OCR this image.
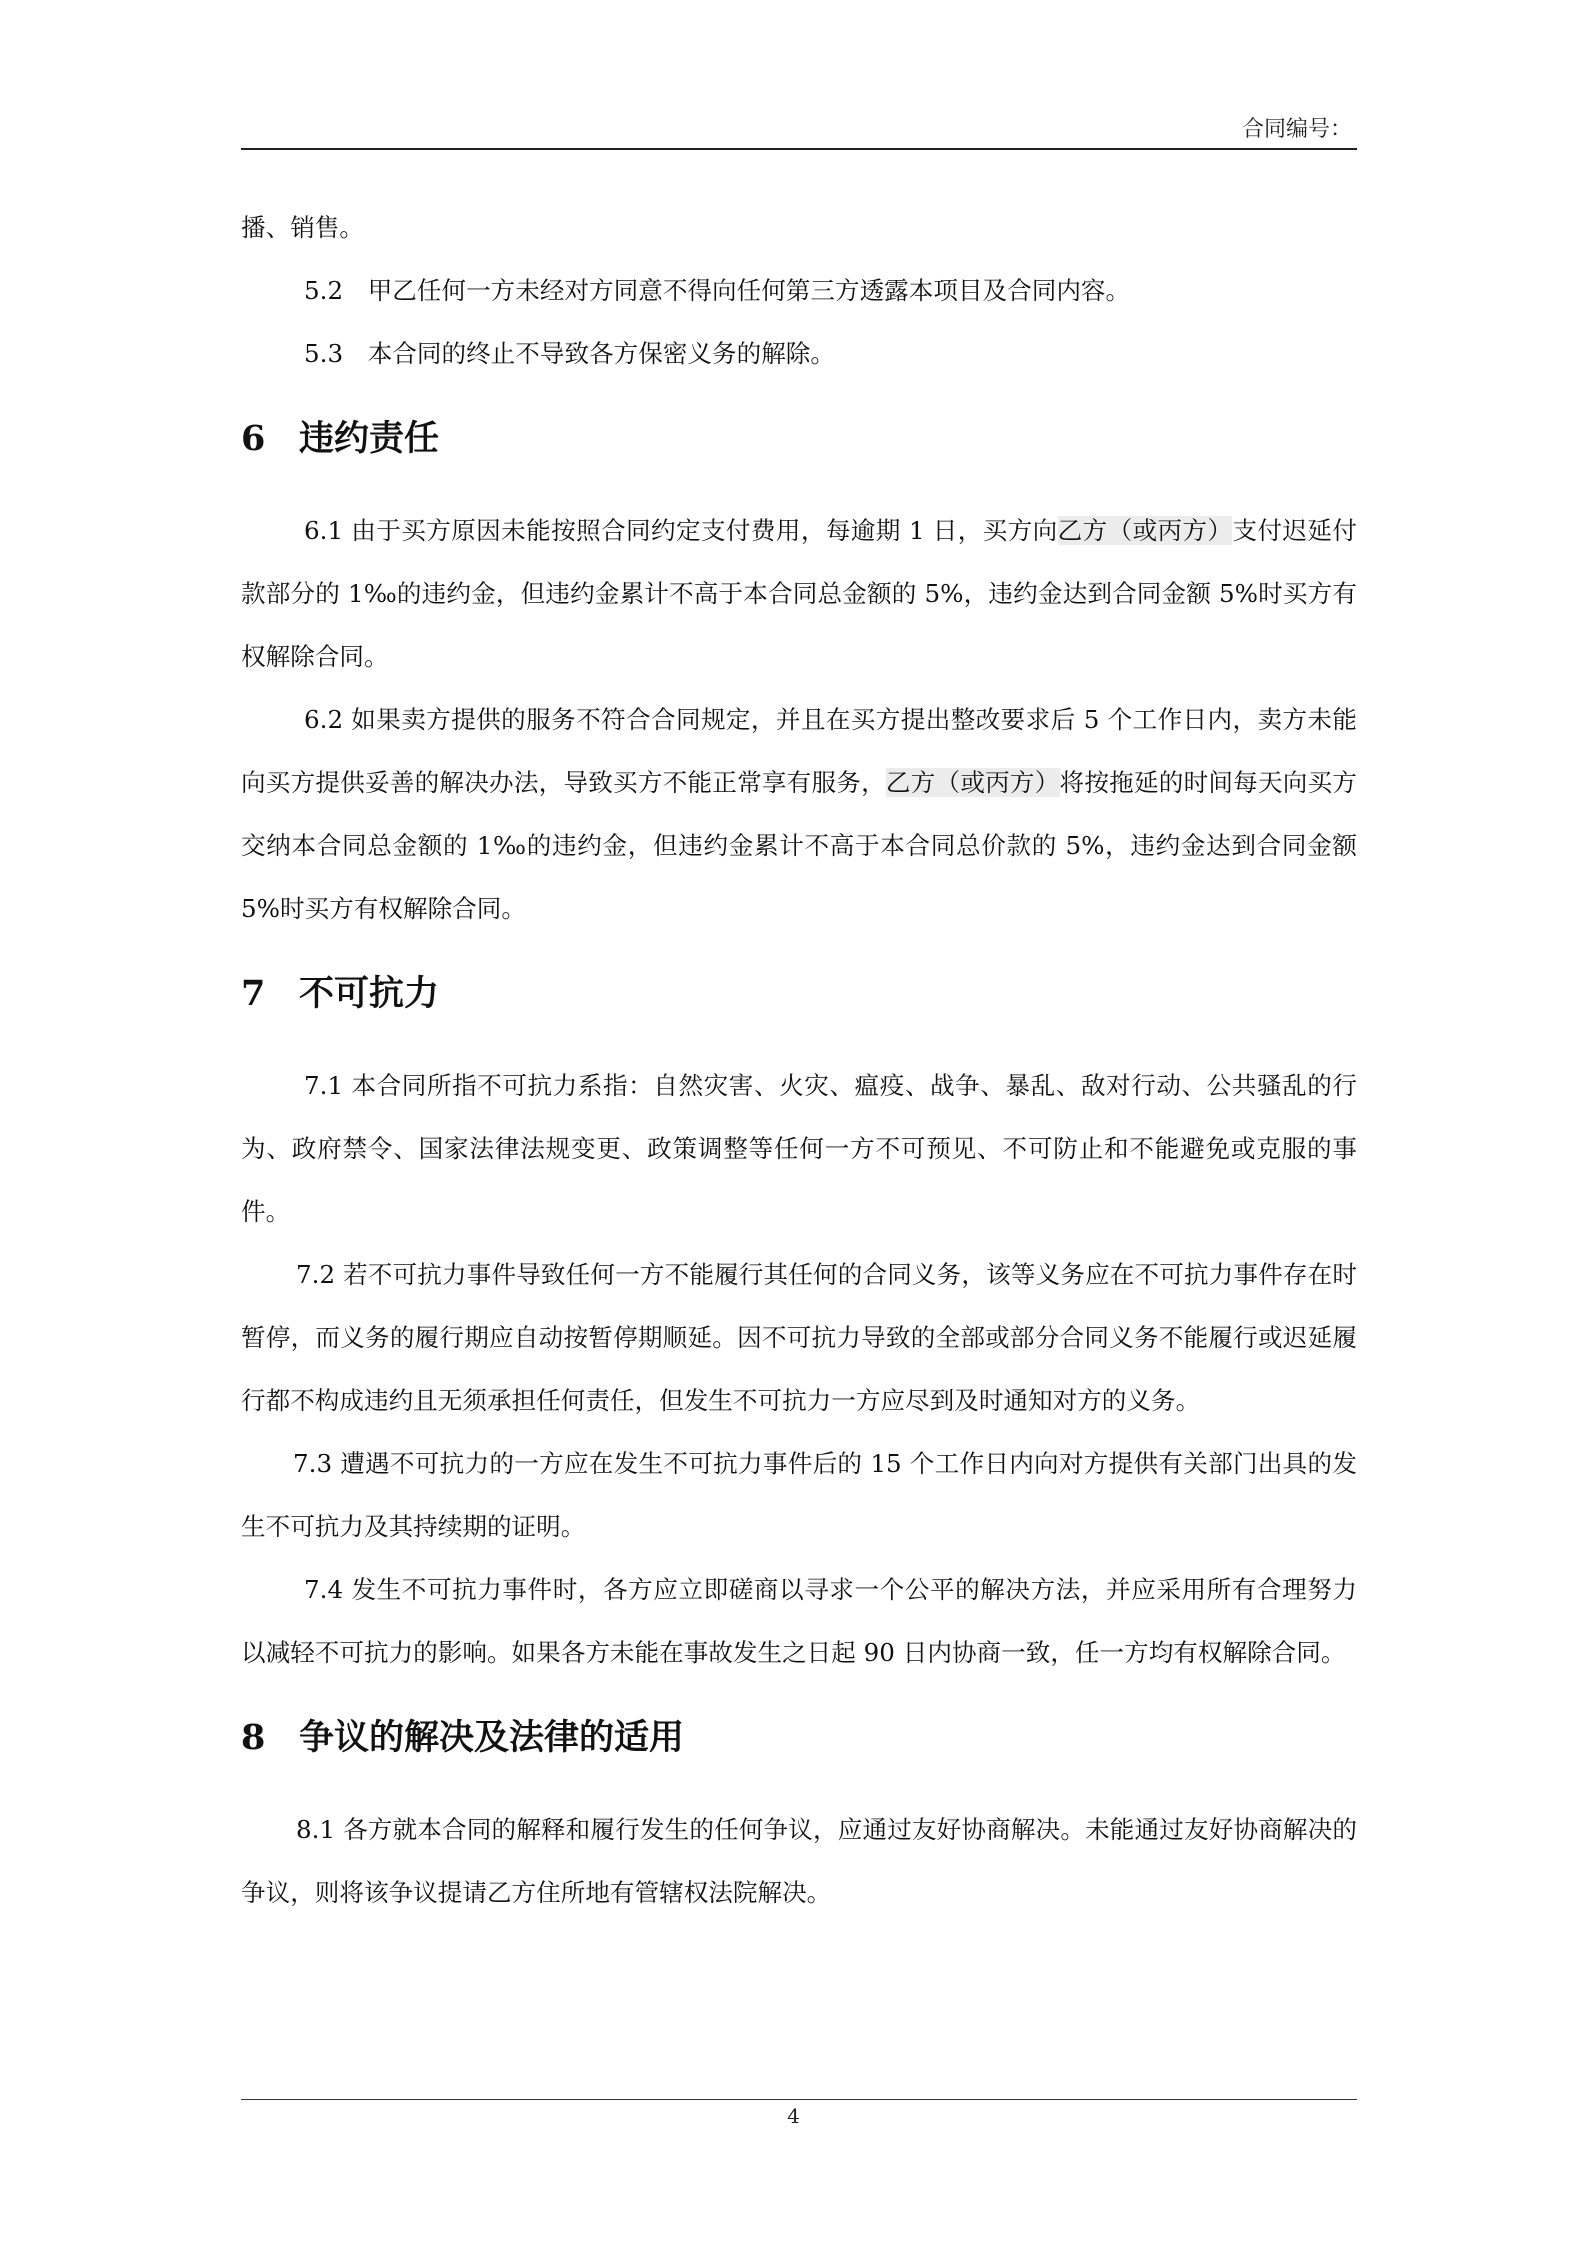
合同编号：

播、销售。

5.2　甲乙任何一方未经对方同意不得向任何第三方透露本项目及合同内容。

5.3　本合同的终止不导致各方保密义务的解除。

6 违约责任

6.1 由于买方原因未能按照合同约定支付费用，每逾期 1 日，买方向乙方（或丙方）支付迟延付款部分的 1‰的违约金，但违约金累计不高于本合同总金额的 5%，违约金达到合同金额 5%时买方有权解除合同。

6.2 如果卖方提供的服务不符合合同规定，并且在买方提出整改要求后 5 个工作日内，卖方未能向买方提供妥善的解决办法，导致买方不能正常享有服务，乙方（或丙方）将按拖延的时间每天向买方交纳本合同总金额的 1‰的违约金，但违约金累计不高于本合同总价款的 5%，违约金达到合同金额 5%时买方有权解除合同。

7 不可抗力

7.1 本合同所指不可抗力系指：自然灾害、火灾、瘟疫、战争、暴乱、敌对行动、公共骚乱的行为、政府禁令、国家法律法规变更、政策调整等任何一方不可预见、不可防止和不能避免或克服的事件。

7.2 若不可抗力事件导致任何一方不能履行其任何的合同义务，该等义务应在不可抗力事件存在时暂停，而义务的履行期应自动按暂停期顺延。因不可抗力导致的全部或部分合同义务不能履行或迟延履行都不构成违约且无须承担任何责任，但发生不可抗力一方应尽到及时通知对方的义务。

7.3 遭遇不可抗力的一方应在发生不可抗力事件后的 15 个工作日内向对方提供有关部门出具的发生不可抗力及其持续期的证明。

7.4 发生不可抗力事件时，各方应立即磋商以寻求一个公平的解决方法，并应采用所有合理努力以减轻不可抗力的影响。如果各方未能在事故发生之日起 90 日内协商一致，任一方均有权解除合同。

8 争议的解决及法律的适用

8.1 各方就本合同的解释和履行发生的任何争议，应通过友好协商解决。未能通过友好协商解决的争议，则将该争议提请乙方住所地有管辖权法院解决。

4
